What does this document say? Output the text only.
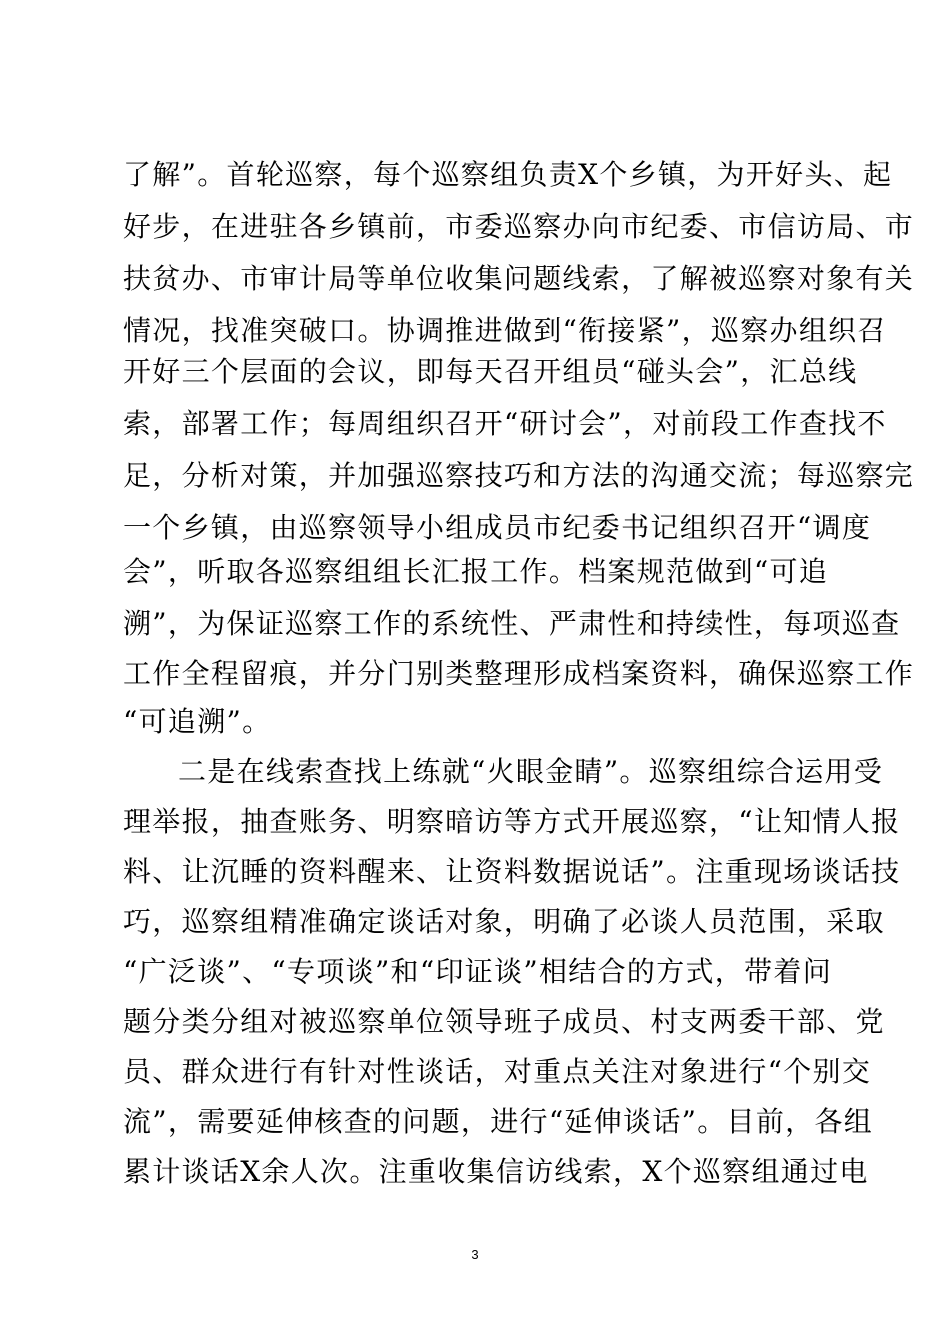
了解”。首轮巡察，每个巡察组负责X个乡镇，为开好头、起
好步，在进驻各乡镇前，市委巡察办向市纪委、市信访局、市
扶贫办、市审计局等单位收集问题线索，了解被巡察对象有关
情况，找准突破口。协调推进做到“衔接紧”，巡察办组织召
开好三个层面的会议，即每天召开组员“碰头会”，汇总线
索，部署工作；每周组织召开“研讨会”，对前段工作查找不
足，分析对策，并加强巡察技巧和方法的沟通交流；每巡察完
一个乡镇，由巡察领导小组成员市纪委书记组织召开“调度
会”，听取各巡察组组长汇报工作。档案规范做到“可追
溯”，为保证巡察工作的系统性、严肃性和持续性，每项巡查
工作全程留痕，并分门别类整理形成档案资料，确保巡察工作
“可追溯”。
二是在线索查找上练就“火眼金睛”。巡察组综合运用受
理举报，抽查账务、明察暗访等方式开展巡察，“让知情人报
料、让沉睡的资料醒来、让资料数据说话”。注重现场谈话技
巧，巡察组精准确定谈话对象，明确了必谈人员范围，采取
“广泛谈”、“专项谈”和“印证谈”相结合的方式，带着问
题分类分组对被巡察单位领导班子成员、村支两委干部、党
员、群众进行有针对性谈话，对重点关注对象进行“个别交
流”，需要延伸核查的问题，进行“延伸谈话”。目前，各组
累计谈话X余人次。注重收集信访线索，X个巡察组通过电
3
